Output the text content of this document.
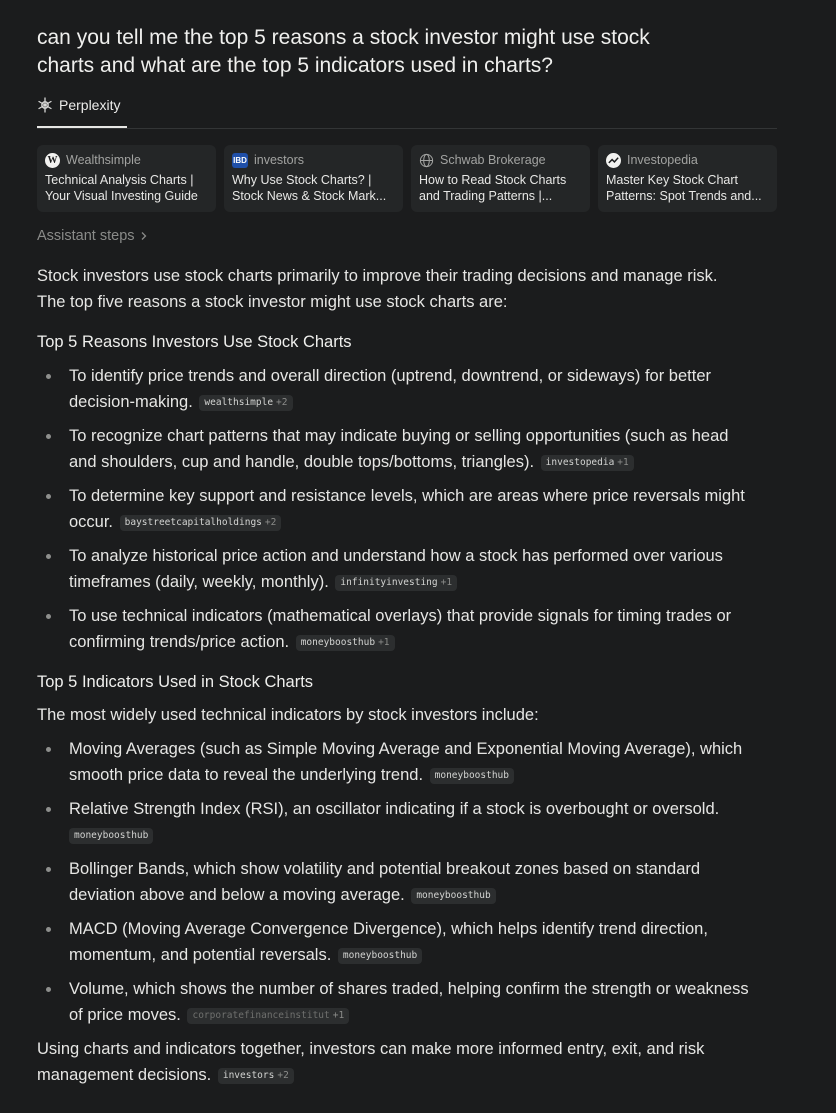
can you tell me the top 5 reasons a stock investor might use stock
charts and what are the top 5 indicators used in charts?
Perplexity
W Wealthsimple
Technical Analysis Charts |
Your Visual Investing Guide
IBD investors
Why Use Stock Charts? |
Stock News & Stock Mark...
Schwab Brokerage
How to Read Stock Charts
and Trading Patterns |...
Investopedia
Master Key Stock Chart
Patterns: Spot Trends and...
Assistant steps

Stock investors use stock charts primarily to improve their trading decisions and manage risk.
The top five reasons a stock investor might use stock charts are:

Top 5 Reasons Investors Use Stock Charts
To identify price trends and overall direction (uptrend, downtrend, or sideways) for better
decision-making. wealthsimple +2
To recognize chart patterns that may indicate buying or selling opportunities (such as head
and shoulders, cup and handle, double tops/bottoms, triangles). investopedia +1
To determine key support and resistance levels, which are areas where price reversals might
occur. baystreetcapitalholdings +2
To analyze historical price action and understand how a stock has performed over various
timeframes (daily, weekly, monthly). infinityinvesting +1
To use technical indicators (mathematical overlays) that provide signals for timing trades or
confirming trends/price action. moneyboosthub +1
Top 5 Indicators Used in Stock Charts

The most widely used technical indicators by stock investors include:

Moving Averages (such as Simple Moving Average and Exponential Moving Average), which
smooth price data to reveal the underlying trend. moneyboosthub
Relative Strength Index (RSI), an oscillator indicating if a stock is overbought or oversold.
moneyboosthub
Bollinger Bands, which show volatility and potential breakout zones based on standard
deviation above and below a moving average. moneyboosthub
MACD (Moving Average Convergence Divergence), which helps identify trend direction,
momentum, and potential reversals. moneyboosthub
Volume, which shows the number of shares traded, helping confirm the strength or weakness
of price moves. corporatefinanceinstitut +1

Using charts and indicators together, investors can make more informed entry, exit, and risk
management decisions. investors +2
